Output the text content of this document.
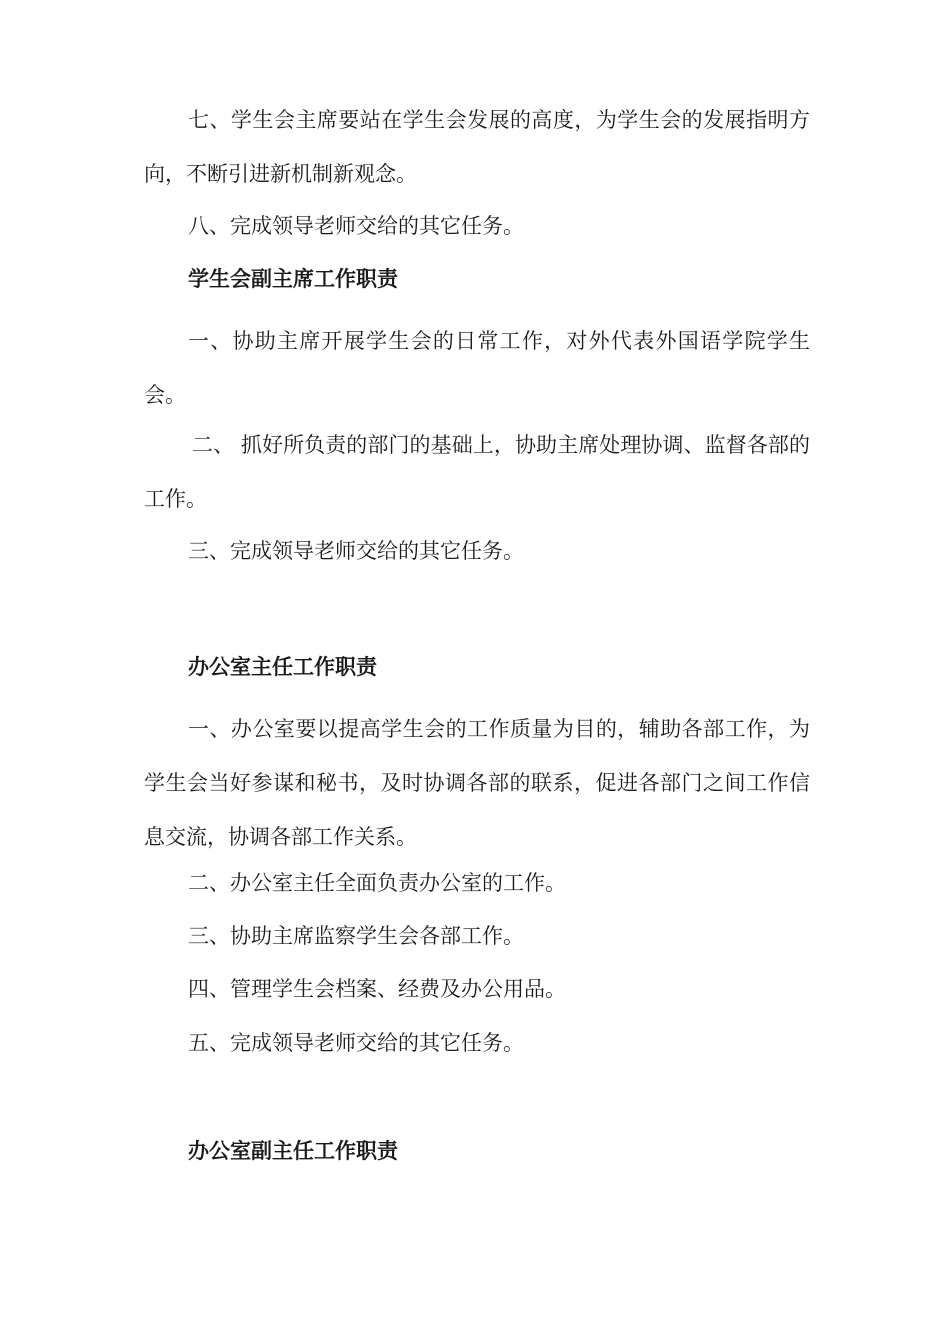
七、学生会主席要站在学生会发展的高度，为学生会的发展指明方向，不断引进新机制新观念。

八、完成领导老师交给的其它任务。

学生会副主席工作职责

一、协助主席开展学生会的日常工作，对外代表外国语学院学生会。

二、 抓好所负责的部门的基础上，协助主席处理协调、监督各部的工作。

三、完成领导老师交给的其它任务。

办公室主任工作职责

一、办公室要以提高学生会的工作质量为目的，辅助各部工作，为学生会当好参谋和秘书，及时协调各部的联系，促进各部门之间工作信息交流，协调各部工作关系。

二、办公室主任全面负责办公室的工作。

三、协助主席监察学生会各部工作。

四、管理学生会档案、经费及办公用品。

五、完成领导老师交给的其它任务。

办公室副主任工作职责
